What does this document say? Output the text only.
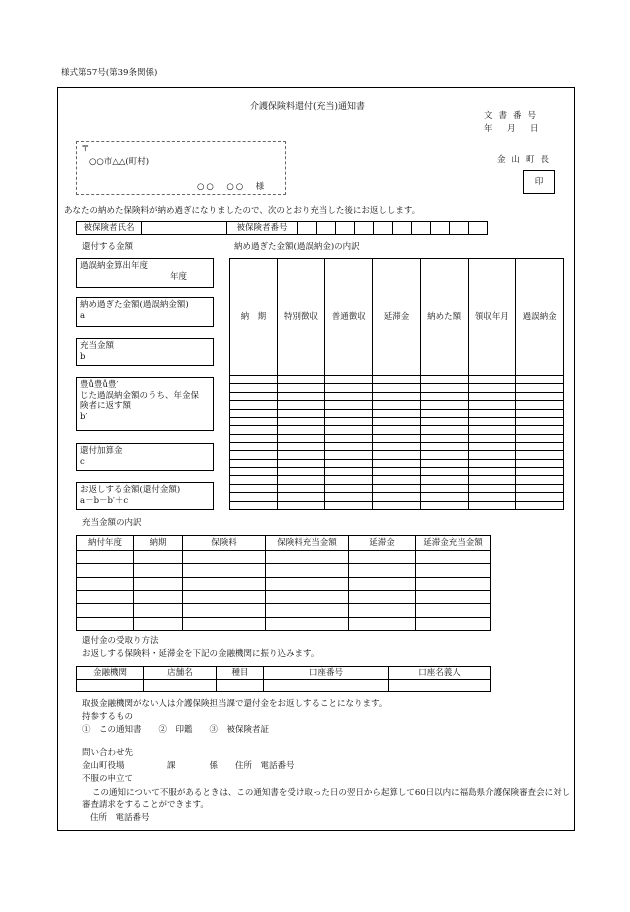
様式第57号(第39条関係)
介護保険料還付(充当)通知書
文書番号
年　月　日
〒
○○市△△(町村)
○○　○○　様
金山町長
印
あなたの納めた保険料が納め過ぎになりましたので、次のとおり充当した後にお返しします。
被保険者氏名		被保険者番号										
還付する金額	納め過ぎた金額(過誤納金)の内訳
過誤納金算出年度
年度
納め過ぎた金額(過誤納金額)
a
充当金額
b
豊ů豊ů豊′
じた過誤納金額のうち、年金保
険者に返す額
b′
還付加算金
c
お返しする金額(還付金額)
a－b－b′＋c
納　期	特別徴収	普通徴収	延滞金	納めた額	領収年月	過誤納金

充当金額の内訳
納付年度	納期	保険料	保険料充当金額	延滞金	延滞金充当金額

還付金の受取り方法
お返しする保険料・延滞金を下記の金融機関に振り込みます。
金融機関	店舗名	種目	口座番号	口座名義人

取扱金融機関がない人は介護保険担当課で還付金をお返しすることになります。
持参するもの
①　この通知書　　②　印鑑　　③　被保険者証
問い合わせ先
金山町役場　　　　　課　　　　係　　住所　電話番号
不服の申立て
この通知について不服があるときは、この通知書を受け取った日の翌日から起算して60日以内に福島県介護保険審査会に対し審査請求をすることができます。
住所　電話番号
